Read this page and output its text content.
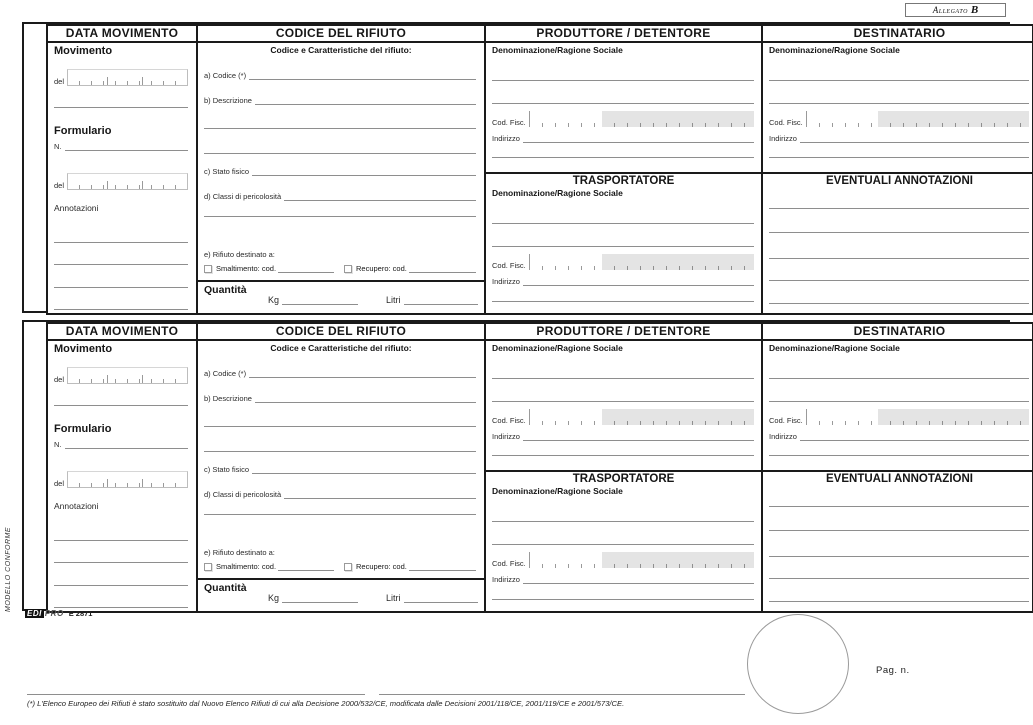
Allegato B
DATA MOVIMENTO
Movimento
del
Formulario
N.
del
Annotazioni
CODICE DEL RIFIUTO
Codice e Caratteristiche del rifiuto:
a) Codice (*)
b) Descrizione
c) Stato fisico
d) Classi di pericolosità
e) Rifiuto destinato a:
Smaltimento: cod.	Recupero: cod.
Quantità
Kg	Litri
PRODUTTORE / DETENTORE
Denominazione/Ragione Sociale
Cod. Fisc.
Indirizzo
TRASPORTATORE
Denominazione/Ragione Sociale
Cod. Fisc.
Indirizzo
DESTINATARIO
Denominazione/Ragione Sociale
Cod. Fisc.
Indirizzo
EVENTUALI ANNOTAZIONI
DATA MOVIMENTO
Movimento
del
Formulario
N.
del
Annotazioni
CODICE DEL RIFIUTO
Codice e Caratteristiche del rifiuto:
a) Codice (*)
b) Descrizione
c) Stato fisico
d) Classi di pericolosità
e) Rifiuto destinato a:
Smaltimento: cod.	Recupero: cod.
Quantità
Kg	Litri
PRODUTTORE / DETENTORE
Denominazione/Ragione Sociale
Cod. Fisc.
Indirizzo
TRASPORTATORE
Denominazione/Ragione Sociale
Cod. Fisc.
Indirizzo
DESTINATARIO
Denominazione/Ragione Sociale
Cod. Fisc.
Indirizzo
EVENTUALI ANNOTAZIONI
MODELLO CONFORME
EDI PRO E 2871
Pag. n.
(*) L'Elenco Europeo dei Rifiuti è stato sostituito dal Nuovo Elenco Rifiuti di cui alla Decisione 2000/532/CE, modificata dalle Decisioni 2001/118/CE, 2001/119/CE e 2001/573/CE.
